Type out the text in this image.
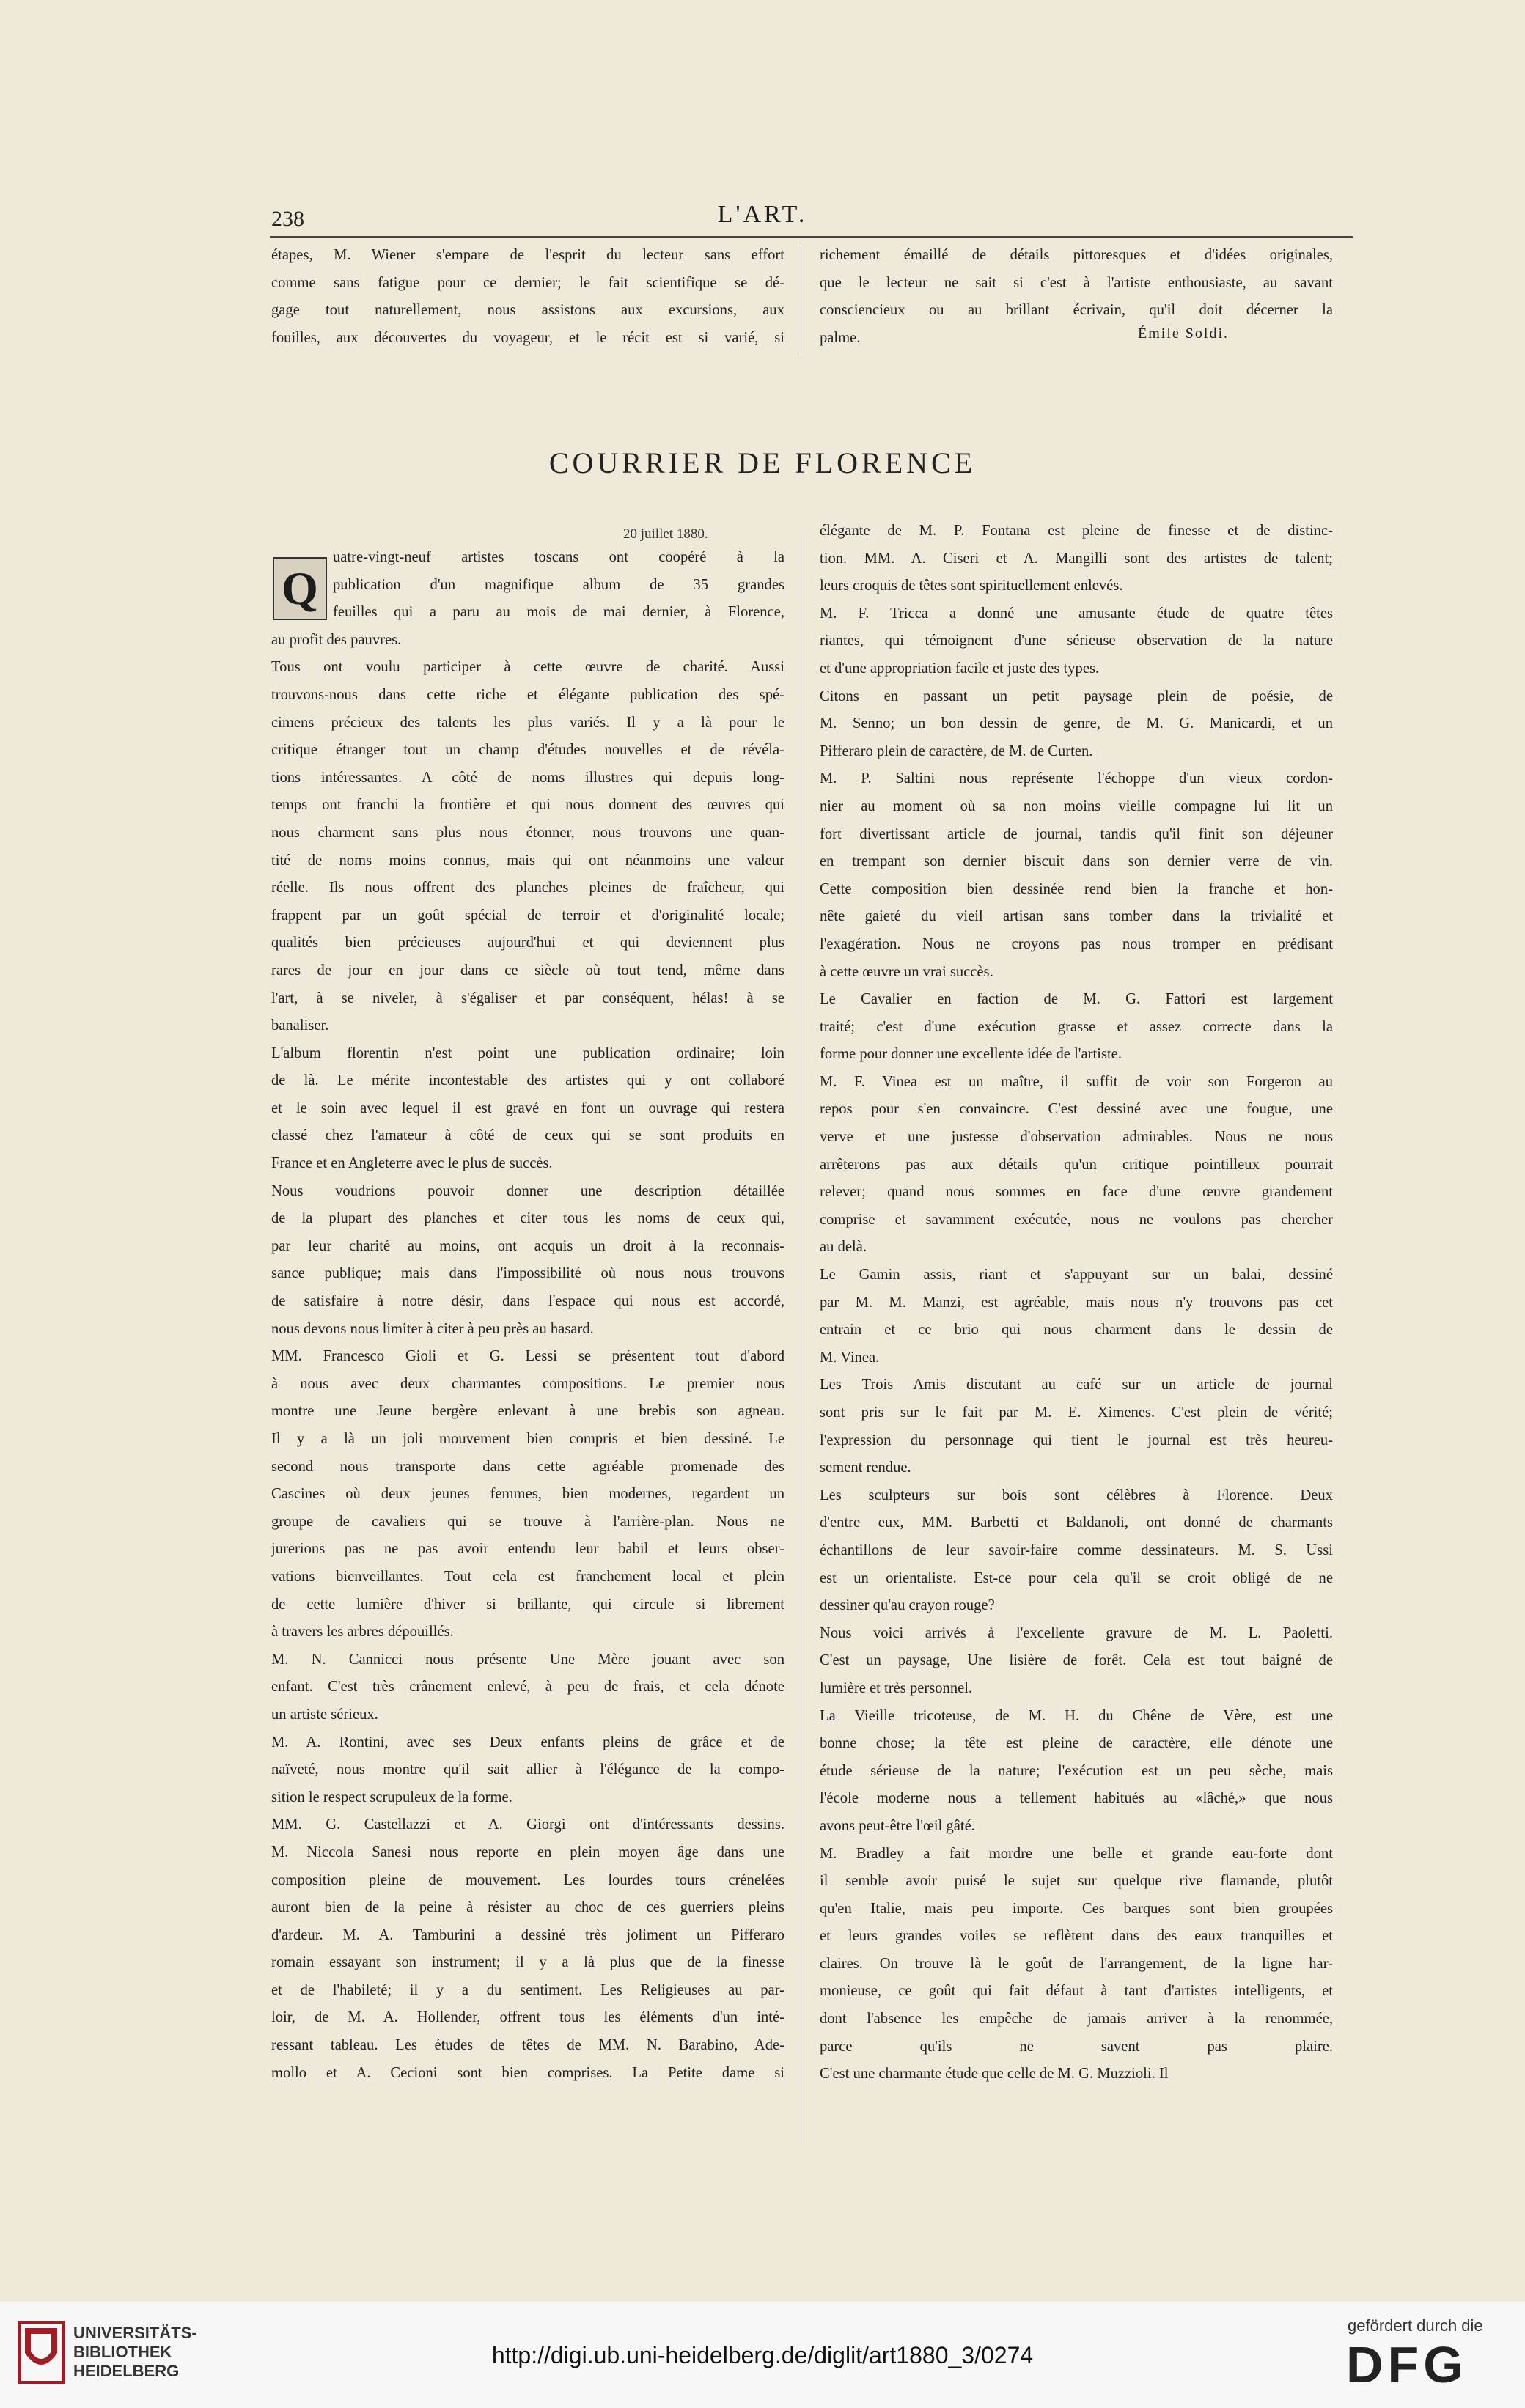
238	L'ART.
étapes, M. Wiener s'empare de l'esprit du lecteur sans effort
comme sans fatigue pour ce dernier; le fait scientifique se dé-
gage tout naturellement, nous assistons aux excursions, aux
fouilles, aux découvertes du voyageur, et le récit est si varié, si
richement émaillé de détails pittoresques et d'idées originales,
que le lecteur ne sait si c'est à l'artiste enthousiaste, au savant
consciencieux ou au brillant écrivain, qu'il doit décerner la
palme.	Émile Soldi.
COURRIER DE FLORENCE
20 juillet 1880.
Q
uatre-vingt-neuf artistes toscans ont coopéré à la
publication d'un magnifique album de 35 grandes
feuilles qui a paru au mois de mai dernier, à Florence,
au profit des pauvres.
Tous ont voulu participer à cette œuvre de charité. Aussi
trouvons-nous dans cette riche et élégante publication des spé-
cimens précieux des talents les plus variés. Il y a là pour le
critique étranger tout un champ d'études nouvelles et de révéla-
tions intéressantes. A côté de noms illustres qui depuis long-
temps ont franchi la frontière et qui nous donnent des œuvres qui
nous charment sans plus nous étonner, nous trouvons une quan-
tité de noms moins connus, mais qui ont néanmoins une valeur
réelle. Ils nous offrent des planches pleines de fraîcheur, qui
frappent par un goût spécial de terroir et d'originalité locale;
qualités bien précieuses aujourd'hui et qui deviennent plus
rares de jour en jour dans ce siècle où tout tend, même dans
l'art, à se niveler, à s'égaliser et par conséquent, hélas! à se
banaliser.
L'album florentin n'est point une publication ordinaire; loin
de là. Le mérite incontestable des artistes qui y ont collaboré
et le soin avec lequel il est gravé en font un ouvrage qui restera
classé chez l'amateur à côté de ceux qui se sont produits en
France et en Angleterre avec le plus de succès.
Nous voudrions pouvoir donner une description détaillée
de la plupart des planches et citer tous les noms de ceux qui,
par leur charité au moins, ont acquis un droit à la reconnais-
sance publique; mais dans l'impossibilité où nous nous trouvons
de satisfaire à notre désir, dans l'espace qui nous est accordé,
nous devons nous limiter à citer à peu près au hasard.
MM. Francesco Gioli et G. Lessi se présentent tout d'abord
à nous avec deux charmantes compositions. Le premier nous
montre une Jeune bergère enlevant à une brebis son agneau.
Il y a là un joli mouvement bien compris et bien dessiné. Le
second nous transporte dans cette agréable promenade des
Cascines où deux jeunes femmes, bien modernes, regardent un
groupe de cavaliers qui se trouve à l'arrière-plan. Nous ne
jurerions pas ne pas avoir entendu leur babil et leurs obser-
vations bienveillantes. Tout cela est franchement local et plein
de cette lumière d'hiver si brillante, qui circule si librement
à travers les arbres dépouillés.
M. N. Cannicci nous présente Une Mère jouant avec son
enfant. C'est très crânement enlevé, à peu de frais, et cela dénote
un artiste sérieux.
M. A. Rontini, avec ses Deux enfants pleins de grâce et de
naïveté, nous montre qu'il sait allier à l'élégance de la compo-
sition le respect scrupuleux de la forme.
MM. G. Castellazzi et A. Giorgi ont d'intéressants dessins.
M. Niccola Sanesi nous reporte en plein moyen âge dans une
composition pleine de mouvement. Les lourdes tours crénelées
auront bien de la peine à résister au choc de ces guerriers pleins
d'ardeur. M. A. Tamburini a dessiné très joliment un Pifferaro
romain essayant son instrument; il y a là plus que de la finesse
et de l'habileté; il y a du sentiment. Les Religieuses au par-
loir, de M. A. Hollender, offrent tous les éléments d'un inté-
ressant tableau. Les études de têtes de MM. N. Barabino, Ade-
mollo et A. Cecioni sont bien comprises. La Petite dame si
élégante de M. P. Fontana est pleine de finesse et de distinc-
tion. MM. A. Ciseri et A. Mangilli sont des artistes de talent;
leurs croquis de têtes sont spirituellement enlevés.
M. F. Tricca a donné une amusante étude de quatre têtes
riantes, qui témoignent d'une sérieuse observation de la nature
et d'une appropriation facile et juste des types.
Citons en passant un petit paysage plein de poésie, de
M. Senno; un bon dessin de genre, de M. G. Manicardi, et un
Pifferaro plein de caractère, de M. de Curten.
M. P. Saltini nous représente l'échoppe d'un vieux cordon-
nier au moment où sa non moins vieille compagne lui lit un
fort divertissant article de journal, tandis qu'il finit son déjeuner
en trempant son dernier biscuit dans son dernier verre de vin.
Cette composition bien dessinée rend bien la franche et hon-
nête gaieté du vieil artisan sans tomber dans la trivialité et
l'exagération. Nous ne croyons pas nous tromper en prédisant
à cette œuvre un vrai succès.
Le Cavalier en faction de M. G. Fattori est largement
traité; c'est d'une exécution grasse et assez correcte dans la
forme pour donner une excellente idée de l'artiste.
M. F. Vinea est un maître, il suffit de voir son Forgeron au
repos pour s'en convaincre. C'est dessiné avec une fougue, une
verve et une justesse d'observation admirables. Nous ne nous
arrêterons pas aux détails qu'un critique pointilleux pourrait
relever; quand nous sommes en face d'une œuvre grandement
comprise et savamment exécutée, nous ne voulons pas chercher
au delà.
Le Gamin assis, riant et s'appuyant sur un balai, dessiné
par M. M. Manzi, est agréable, mais nous n'y trouvons pas cet
entrain et ce brio qui nous charment dans le dessin de
M. Vinea.
Les Trois Amis discutant au café sur un article de journal
sont pris sur le fait par M. E. Ximenes. C'est plein de vérité;
l'expression du personnage qui tient le journal est très heureu-
sement rendue.
Les sculpteurs sur bois sont célèbres à Florence. Deux
d'entre eux, MM. Barbetti et Baldanoli, ont donné de charmants
échantillons de leur savoir-faire comme dessinateurs. M. S. Ussi
est un orientaliste. Est-ce pour cela qu'il se croit obligé de ne
dessiner qu'au crayon rouge?
Nous voici arrivés à l'excellente gravure de M. L. Paoletti.
C'est un paysage, Une lisière de forêt. Cela est tout baigné de
lumière et très personnel.
La Vieille tricoteuse, de M. H. du Chêne de Vère, est une
bonne chose; la tête est pleine de caractère, elle dénote une
étude sérieuse de la nature; l'exécution est un peu sèche, mais
l'école moderne nous a tellement habitués au «lâché,» que nous
avons peut-être l'œil gâté.
M. Bradley a fait mordre une belle et grande eau-forte dont
il semble avoir puisé le sujet sur quelque rive flamande, plutôt
qu'en Italie, mais peu importe. Ces barques sont bien groupées
et leurs grandes voiles se reflètent dans des eaux tranquilles et
claires. On trouve là le goût de l'arrangement, de la ligne har-
monieuse, ce goût qui fait défaut à tant d'artistes intelligents, et
dont l'absence les empêche de jamais arriver à la renommée,
parce qu'ils ne savent pas plaire.
C'est une charmante étude que celle de M. G. Muzzioli. Il
UNIVERSITÄTS-
BIBLIOTHEK
HEIDELBERG
http://digi.ub.uni-heidelberg.de/diglit/art1880_3/0274
gefördert durch die
DFG
